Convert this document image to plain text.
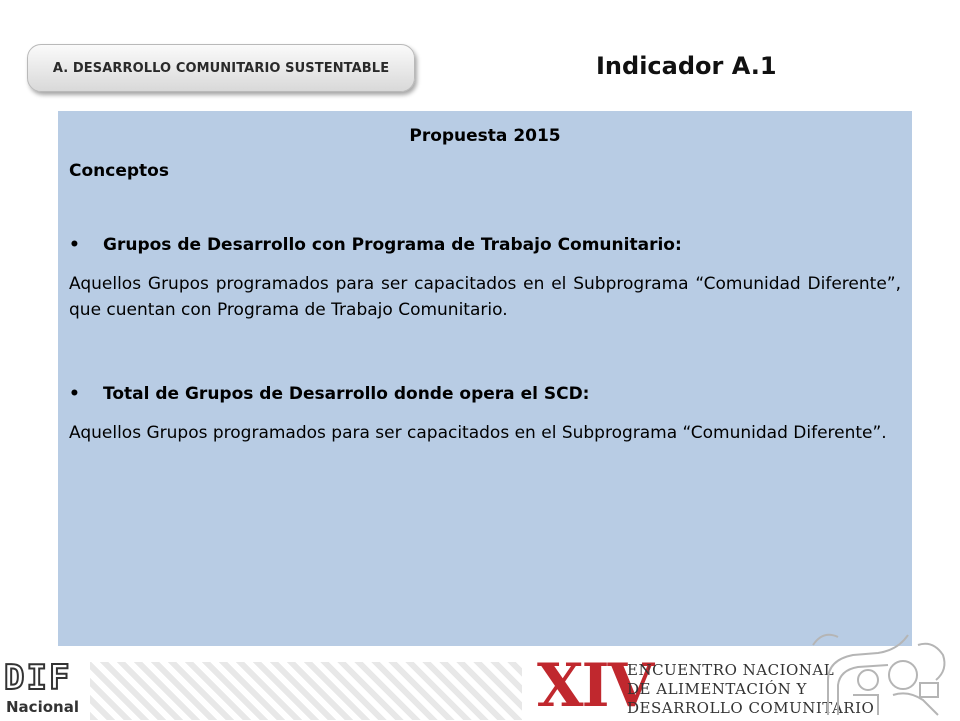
A. DESARROLLO COMUNITARIO SUSTENTABLE	Indicador A.1
Propuesta 2015
Conceptos
•	Grupos de Desarrollo con Programa de Trabajo Comunitario:
Aquellos Grupos programados para ser capacitados en el Subprograma “Comunidad Diferente”, que cuentan con Programa de Trabajo Comunitario.
•	Total de Grupos de Desarrollo donde opera el SCD:
Aquellos Grupos programados para ser capacitados en el Subprograma “Comunidad Diferente”.
DIF
Nacional	XIV
ENCUENTRO NACIONAL
DE ALIMENTACIÓN Y
DESARROLLO COMUNITARIO
